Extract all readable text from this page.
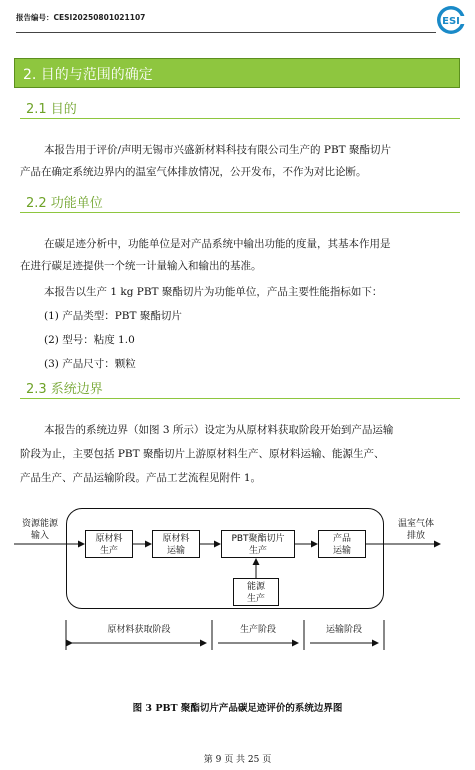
报告编号：CESI20250801021107	ESI
2. 目的与范围的确定
2.1 目的
本报告用于评价/声明无锡市兴盛新材料科技有限公司生产的 PBT 聚酯切片
产品在确定系统边界内的温室气体排放情况，公开发布，不作为对比论断。
2.2 功能单位
在碳足迹分析中，功能单位是对产品系统中输出功能的度量，其基本作用是
在进行碳足迹提供一个统一计量输入和输出的基准。
本报告以生产 1 kg PBT 聚酯切片为功能单位，产品主要性能指标如下：
(1) 产品类型：PBT 聚酯切片
(2) 型号：粘度 1.0
(3) 产品尺寸：颗粒
2.3 系统边界
本报告的系统边界（如图 3 所示）设定为从原材料获取阶段开始到产品运输
阶段为止，主要包括 PBT 聚酯切片上游原材料生产、原材料运输、能源生产、
产品生产、产品运输阶段。产品工艺流程见附件 1。
资源能源
输入
温室气体
排放
原材料
生产
原材料
运输
PBT聚酯切片
生产
产品
运输
能源
生产
原材料获取阶段	生产阶段	运输阶段
图 3 PBT 聚酯切片产品碳足迹评价的系统边界图
第 9 页 共 25 页
